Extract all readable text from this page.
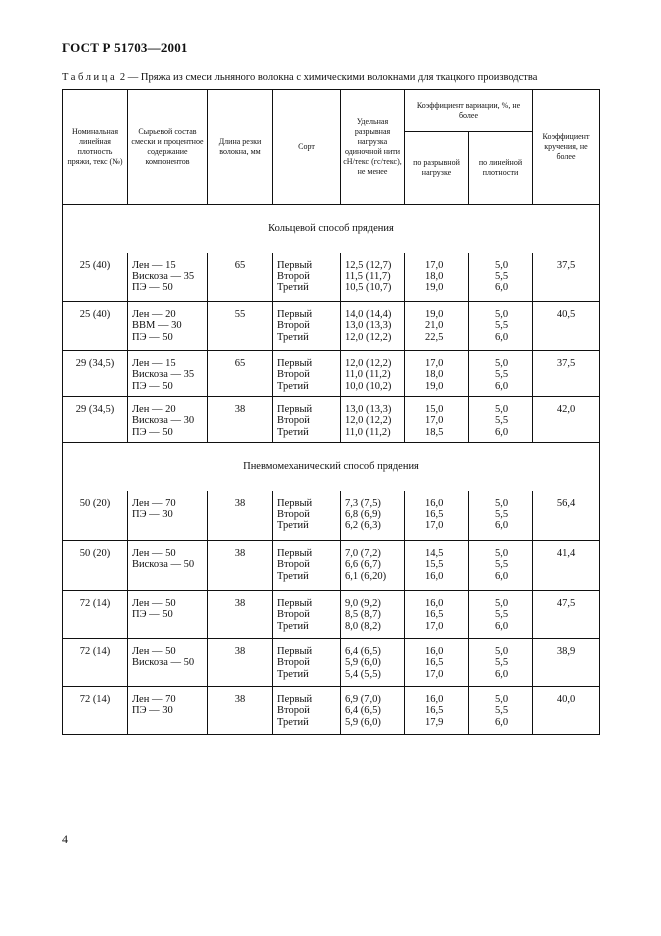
ГОСТ Р 51703—2001
Таблица 2 — Пряжа из смеси льняного волокна с химическими волокнами для ткацкого производства
Номинальная линейная плотность пряжи, текс (№)	Сырьевой состав смески и процентное содержание компонентов	Длина резки волокна, мм	Сорт	Удельная разрывная нагрузка одиночной нити сН/текс (гс/текс), не менее	Коэффициент вариации, %, не более		Коэффициент кручения, не более
					по разрывной нагрузке	по линейной плотности	
Кольцевой способ прядения							

25 (40)	Лен — 15
Вискоза — 35
ПЭ — 50	65	Первый
Второй
Третий	12,5 (12,7)
11,5 (11,7)
10,5 (10,7)	17,0
18,0
19,0	5,0
5,5
6,0	37,5

25 (40)	Лен — 20
ВВМ — 30
ПЭ — 50	55	Первый
Второй
Третий	14,0 (14,4)
13,0 (13,3)
12,0 (12,2)	19,0
21,0
22,5	5,0
5,5
6,0	40,5

29 (34,5)	Лен — 15
Вискоза — 35
ПЭ — 50	65	Первый
Второй
Третий	12,0 (12,2)
11,0 (11,2)
10,0 (10,2)	17,0
18,0
19,0	5,0
5,5
6,0	37,5

29 (34,5)	Лен — 20
Вискоза — 30
ПЭ — 50	38	Первый
Второй
Третий	13,0 (13,3)
12,0 (12,2)
11,0 (11,2)	15,0
17,0
18,5	5,0
5,5
6,0	42,0

Пневмомеханический способ прядения							

50 (20)	Лен — 70
ПЭ — 30	38	Первый
Второй
Третий	7,3 (7,5)
6,8 (6,9)
6,2 (6,3)	16,0
16,5
17,0	5,0
5,5
6,0	56,4

50 (20)	Лен — 50
Вискоза — 50	38	Первый
Второй
Третий	7,0 (7,2)
6,6 (6,7)
6,1 (6,20)	14,5
15,5
16,0	5,0
5,5
6,0	41,4

72 (14)	Лен — 50
ПЭ — 50	38	Первый
Второй
Третий	9,0 (9,2)
8,5 (8,7)
8,0 (8,2)	16,0
16,5
17,0	5,0
5,5
6,0	47,5

72 (14)	Лен — 50
Вискоза — 50	38	Первый
Второй
Третий	6,4 (6,5)
5,9 (6,0)
5,4 (5,5)	16,0
16,5
17,0	5,0
5,5
6,0	38,9

72 (14)	Лен — 70
ПЭ — 30	38	Первый
Второй
Третий	6,9 (7,0)
6,4 (6,5)
5,9 (6,0)	16,0
16,5
17,9	5,0
5,5
6,0	40,0
4
